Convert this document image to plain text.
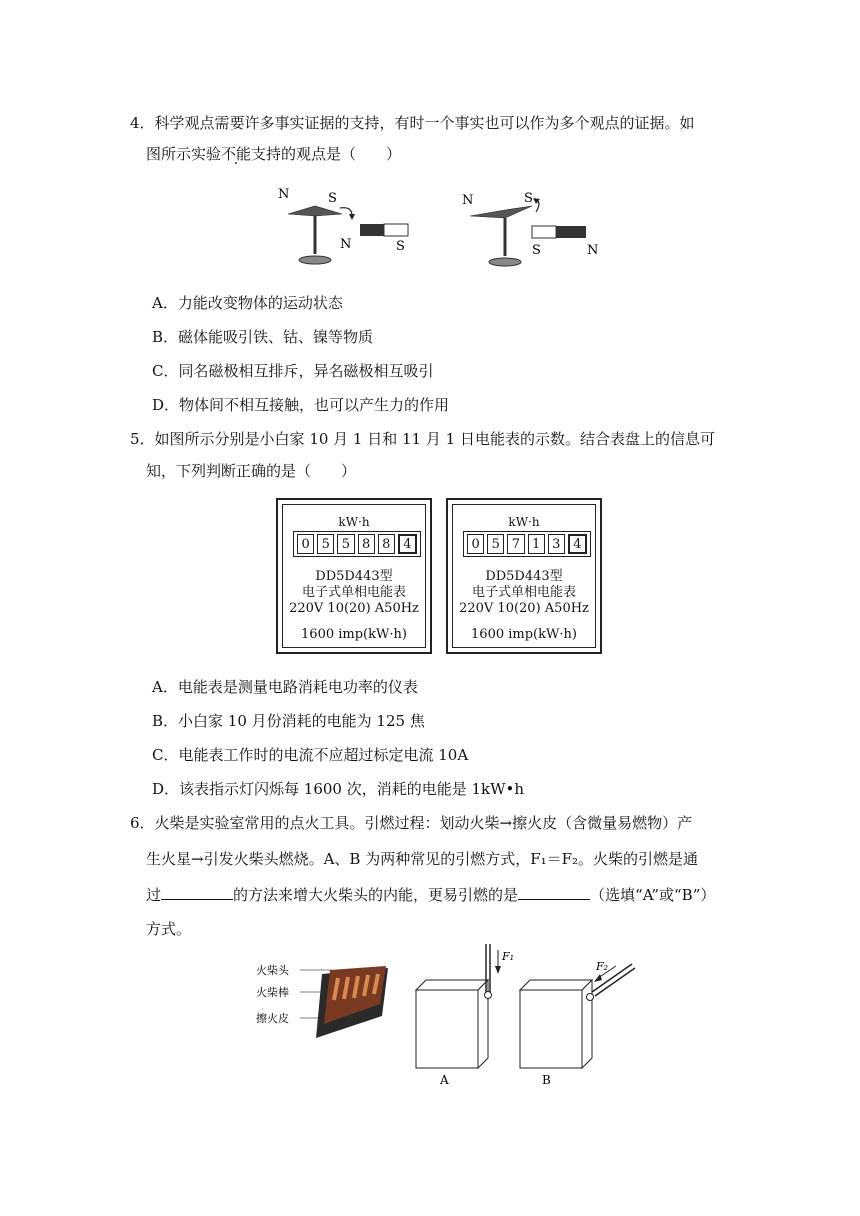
4．科学观点需要许多事实证据的支持，有时一个事实也可以作为多个观点的证据。如
图所示实验不能支持的观点是（　　）
N	S
N	S
N	S
S	N
A．力能改变物体的运动状态
B．磁体能吸引铁、钴、镍等物质
C．同名磁极相互排斥，异名磁极相互吸引
D．物体间不相互接触，也可以产生力的作用
5．如图所示分别是小白家 10 月 1 日和 11 月 1 日电能表的示数。结合表盘上的信息可
知，下列判断正确的是（　　）
kW·h
0 5 5 8 8 4
DD5D443型
电子式单相电能表
220V 10(20) A50Hz
1600 imp(kW·h)
kW·h
0 5 7 1 3 4
DD5D443型
电子式单相电能表
220V 10(20) A50Hz
1600 imp(kW·h)
A．电能表是测量电路消耗电功率的仪表
B．小白家 10 月份消耗的电能为 125 焦
C．电能表工作时的电流不应超过标定电流 10A
D．该表指示灯闪烁每 1600 次，消耗的电能是 1kW•h
6．火柴是实验室常用的点火工具。引燃过程：划动火柴→擦火皮（含微量易燃物）产
生火星→引发火柴头燃烧。A、B 为两种常见的引燃方式，F₁＝F₂。火柴的引燃是通
过	的方法来增大火柴头的内能，更易引燃的是	（选填“A”或“B”）
方式。
火柴头
火柴棒
擦火皮
F₁
A
F₂
B
